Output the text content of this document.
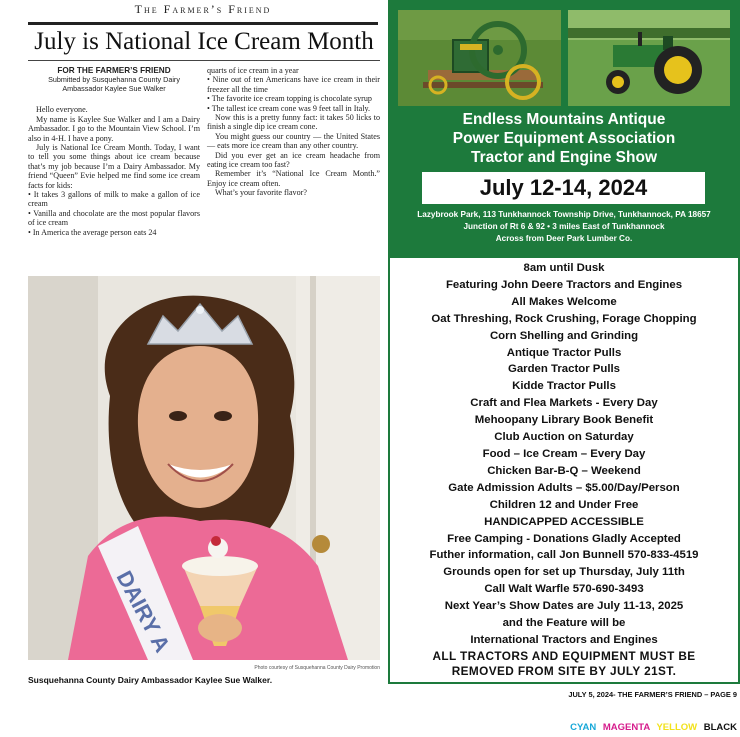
The Farmer’s Friend
July is National Ice Cream Month

FOR THE FARMER’S FRIEND

Submitted by Susquehanna County Dairy Ambassador Kaylee Sue Walker

Hello everyone.

My name is Kaylee Sue Walker and I am a Dairy Ambassador. I go to the Mountain View School. I’m also in 4-H. I have a pony.

July is National Ice Cream Month. Today, I want to tell you some things about ice cream because that’s my job because I’m a Dairy Ambassador. My friend “Queen” Evie helped me find some ice cream facts for kids:

• It takes 3 gallons of milk to make a gallon of ice cream

• Vanilla and chocolate are the most popular flavors of ice cream

• In America the average person eats 24

quarts of ice cream in a year

• Nine out of ten Americans have ice cream in their freezer all the time

• The favorite ice cream topping is chocolate syrup

• The tallest ice cream cone was 9 feet tall in Italy.

Now this is a pretty funny fact: it takes 50 licks to finish a single dip ice cream cone.

You might guess our country — the United States — eats more ice cream than any other country.

Did you ever get an ice cream headache from eating ice cream too fast?

Remember it’s “National Ice Cream Month.” Enjoy ice cream often.

What’s your favorite flavor?

DAIRY A
Photo courtesy of Susquehanna County Dairy Promotion
Susquehanna County Dairy Ambassador Kaylee Sue Walker.
Endless Mountains Antique
Power Equipment Association
Tractor and Engine Show
July 12-14, 2024
Lazybrook Park, 113 Tunkhannock Township Drive, Tunkhannock, PA 18657
Junction of Rt 6 & 92 • 3 miles East of Tunkhannock
Across from Deer Park Lumber Co.
8am until Dusk
Featuring John Deere Tractors and Engines
All Makes Welcome
Oat Threshing, Rock Crushing, Forage Chopping
Corn Shelling and Grinding
Antique Tractor Pulls
Garden Tractor Pulls
Kidde Tractor Pulls
Craft and Flea Markets - Every Day
Mehoopany Library Book Benefit
Club Auction on Saturday
Food – Ice Cream – Every Day
Chicken Bar-B-Q – Weekend
Gate Admission Adults – $5.00/Day/Person
Children 12 and Under Free
HANDICAPPED ACCESSIBLE
Free Camping - Donations Gladly Accepted
Futher information, call Jon Bunnell 570-833-4519
Grounds open for set up Thursday, July 11th
Call Walt Warfle 570-690-3493
Next Year’s Show Dates are July 11-13, 2025
and the Feature will be
International Tractors and Engines
ALL TRACTORS AND EQUIPMENT MUST BE
REMOVED FROM SITE BY JULY 21ST.
JULY 5, 2024- THE FARMER’S FRIEND – PAGE 9
CYAN MAGENTA YELLOW BLACK
